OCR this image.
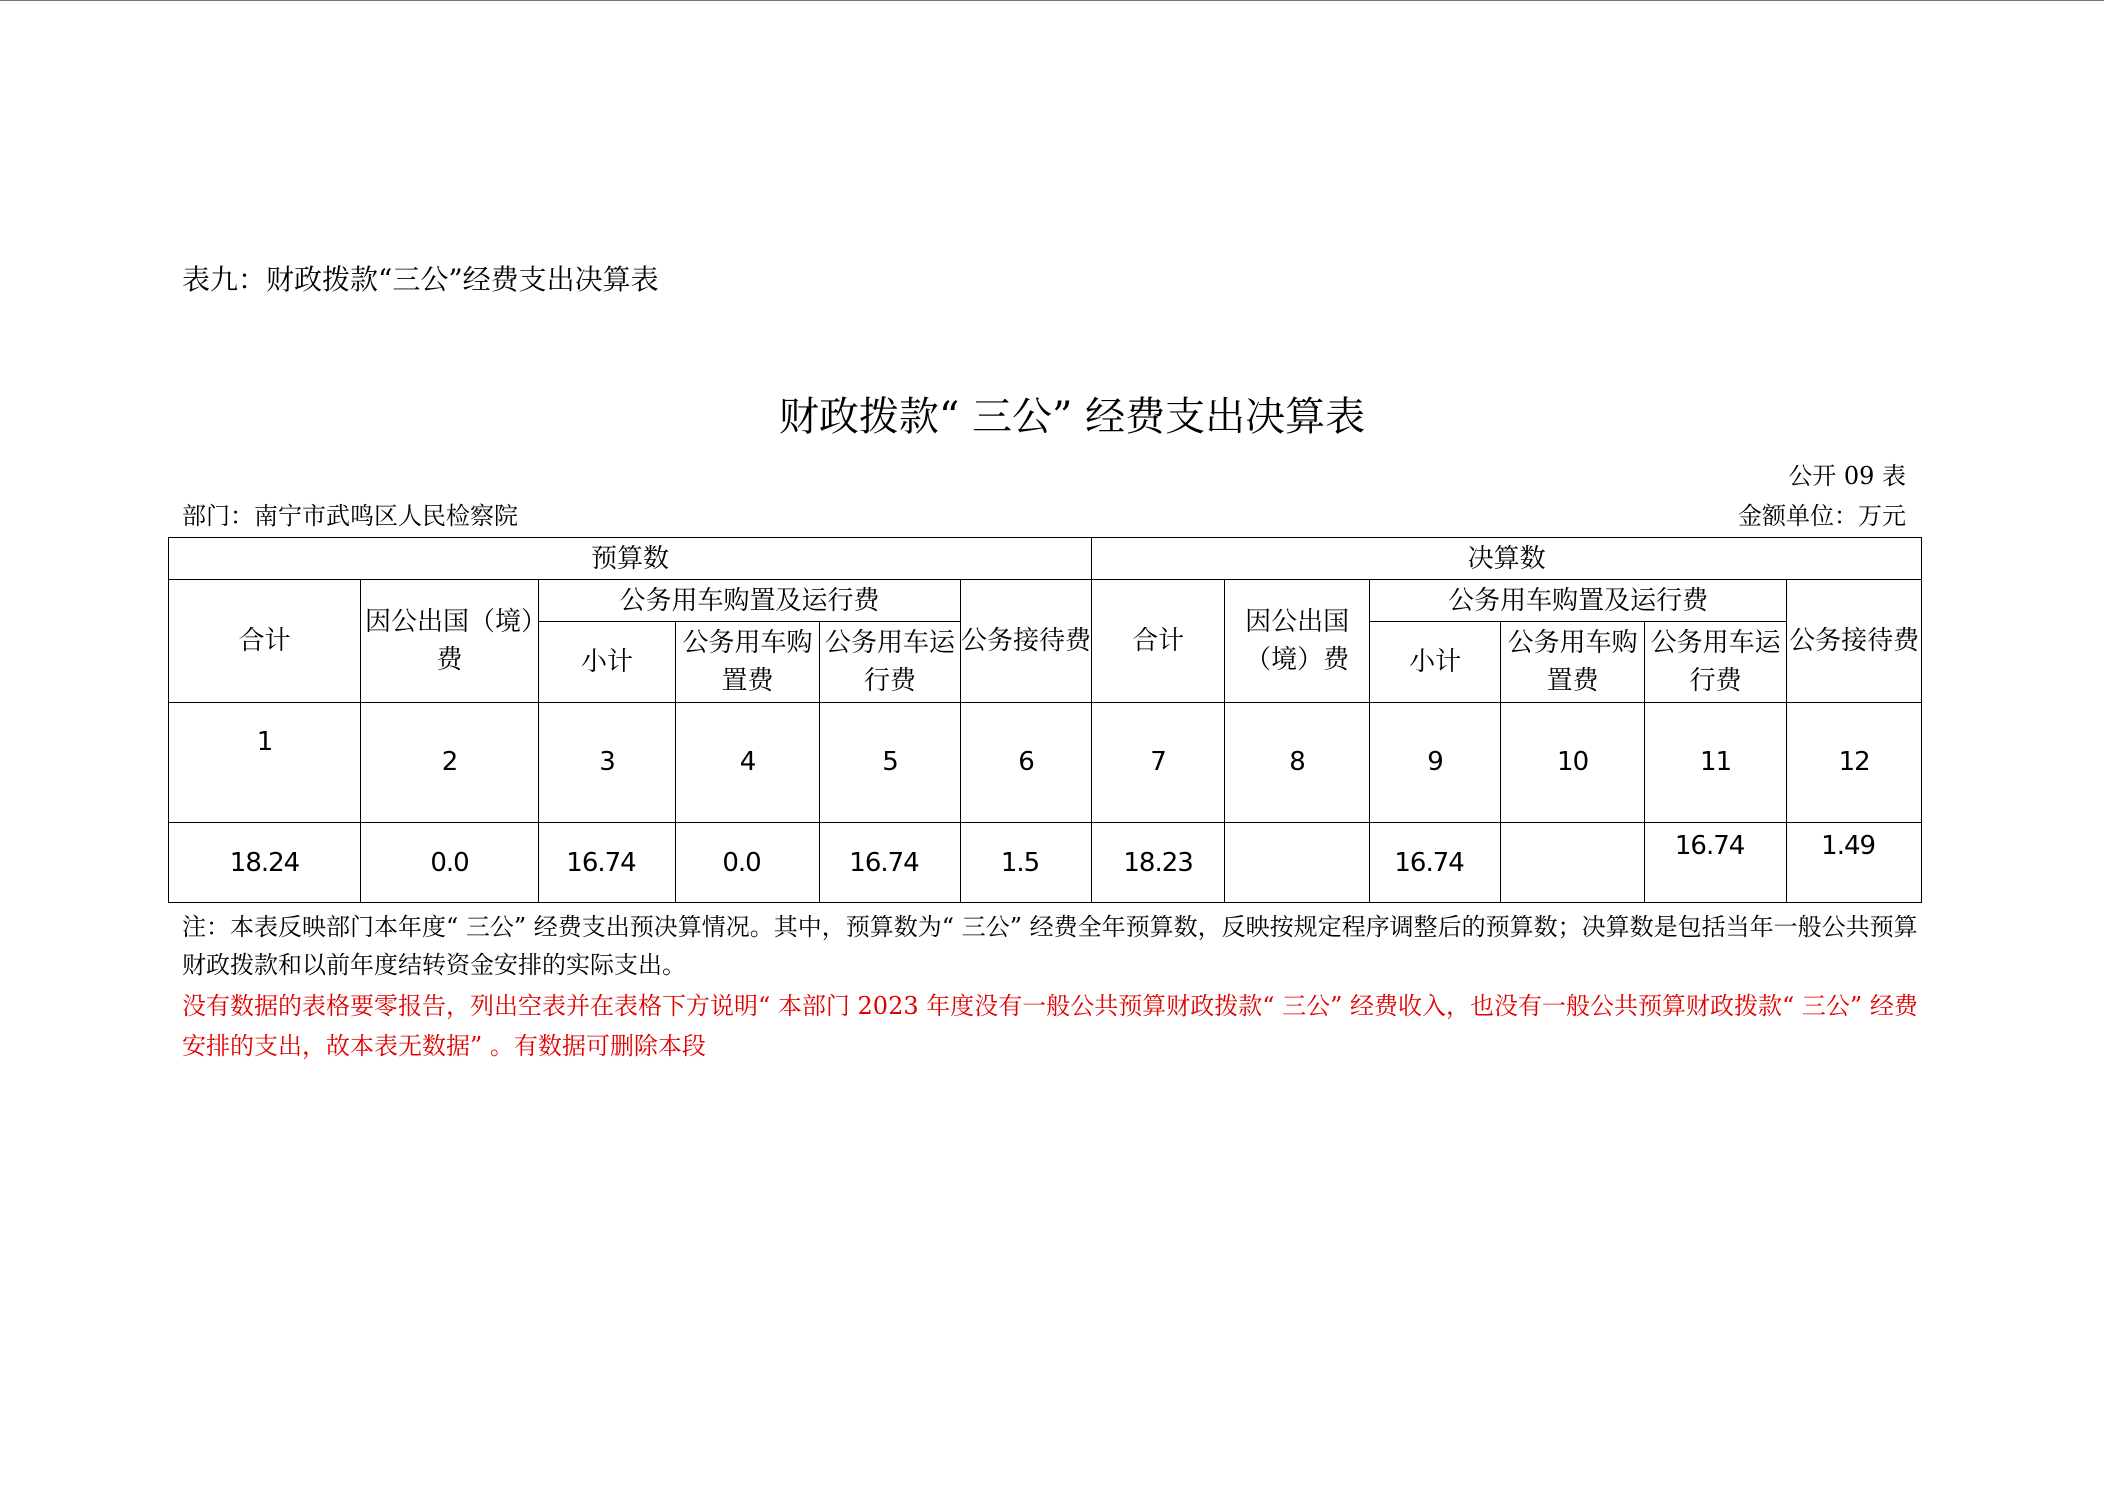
表九：财政拨款“三公”经费支出决算表
财政拨款“ 三公” 经费支出决算表
公开 09 表
部门：南宁市武鸣区人民检察院	金额单位：万元
预算数						决算数					
合计	因公出国（境）费	公务用车购置及运行费			公务接待费	合计	因公出国（境）费	公务用车购置及运行费			公务接待费
		小计	公务用车购置费	公务用车运行费				小计	公务用车购置费	公务用车运行费	
1	2	3	4	5	6	7	8	9	10	11	12
18.24	0.0	16.74	0.0	16.74	1.5	18.23		16.74		16.74	1.49
注：本表反映部门本年度“ 三公” 经费支出预决算情况。其中，预算数为“ 三公” 经费全年预算数，反映按规定程序调整后的预算数；决算数是包括当年一般公共预算财政拨款和以前年度结转资金安排的实际支出。
没有数据的表格要零报告，列出空表并在表格下方说明“ 本部门 2023 年度没有一般公共预算财政拨款“ 三公” 经费收入，也没有一般公共预算财政拨款“ 三公” 经费安排的支出，故本表无数据” 。有数据可删除本段
